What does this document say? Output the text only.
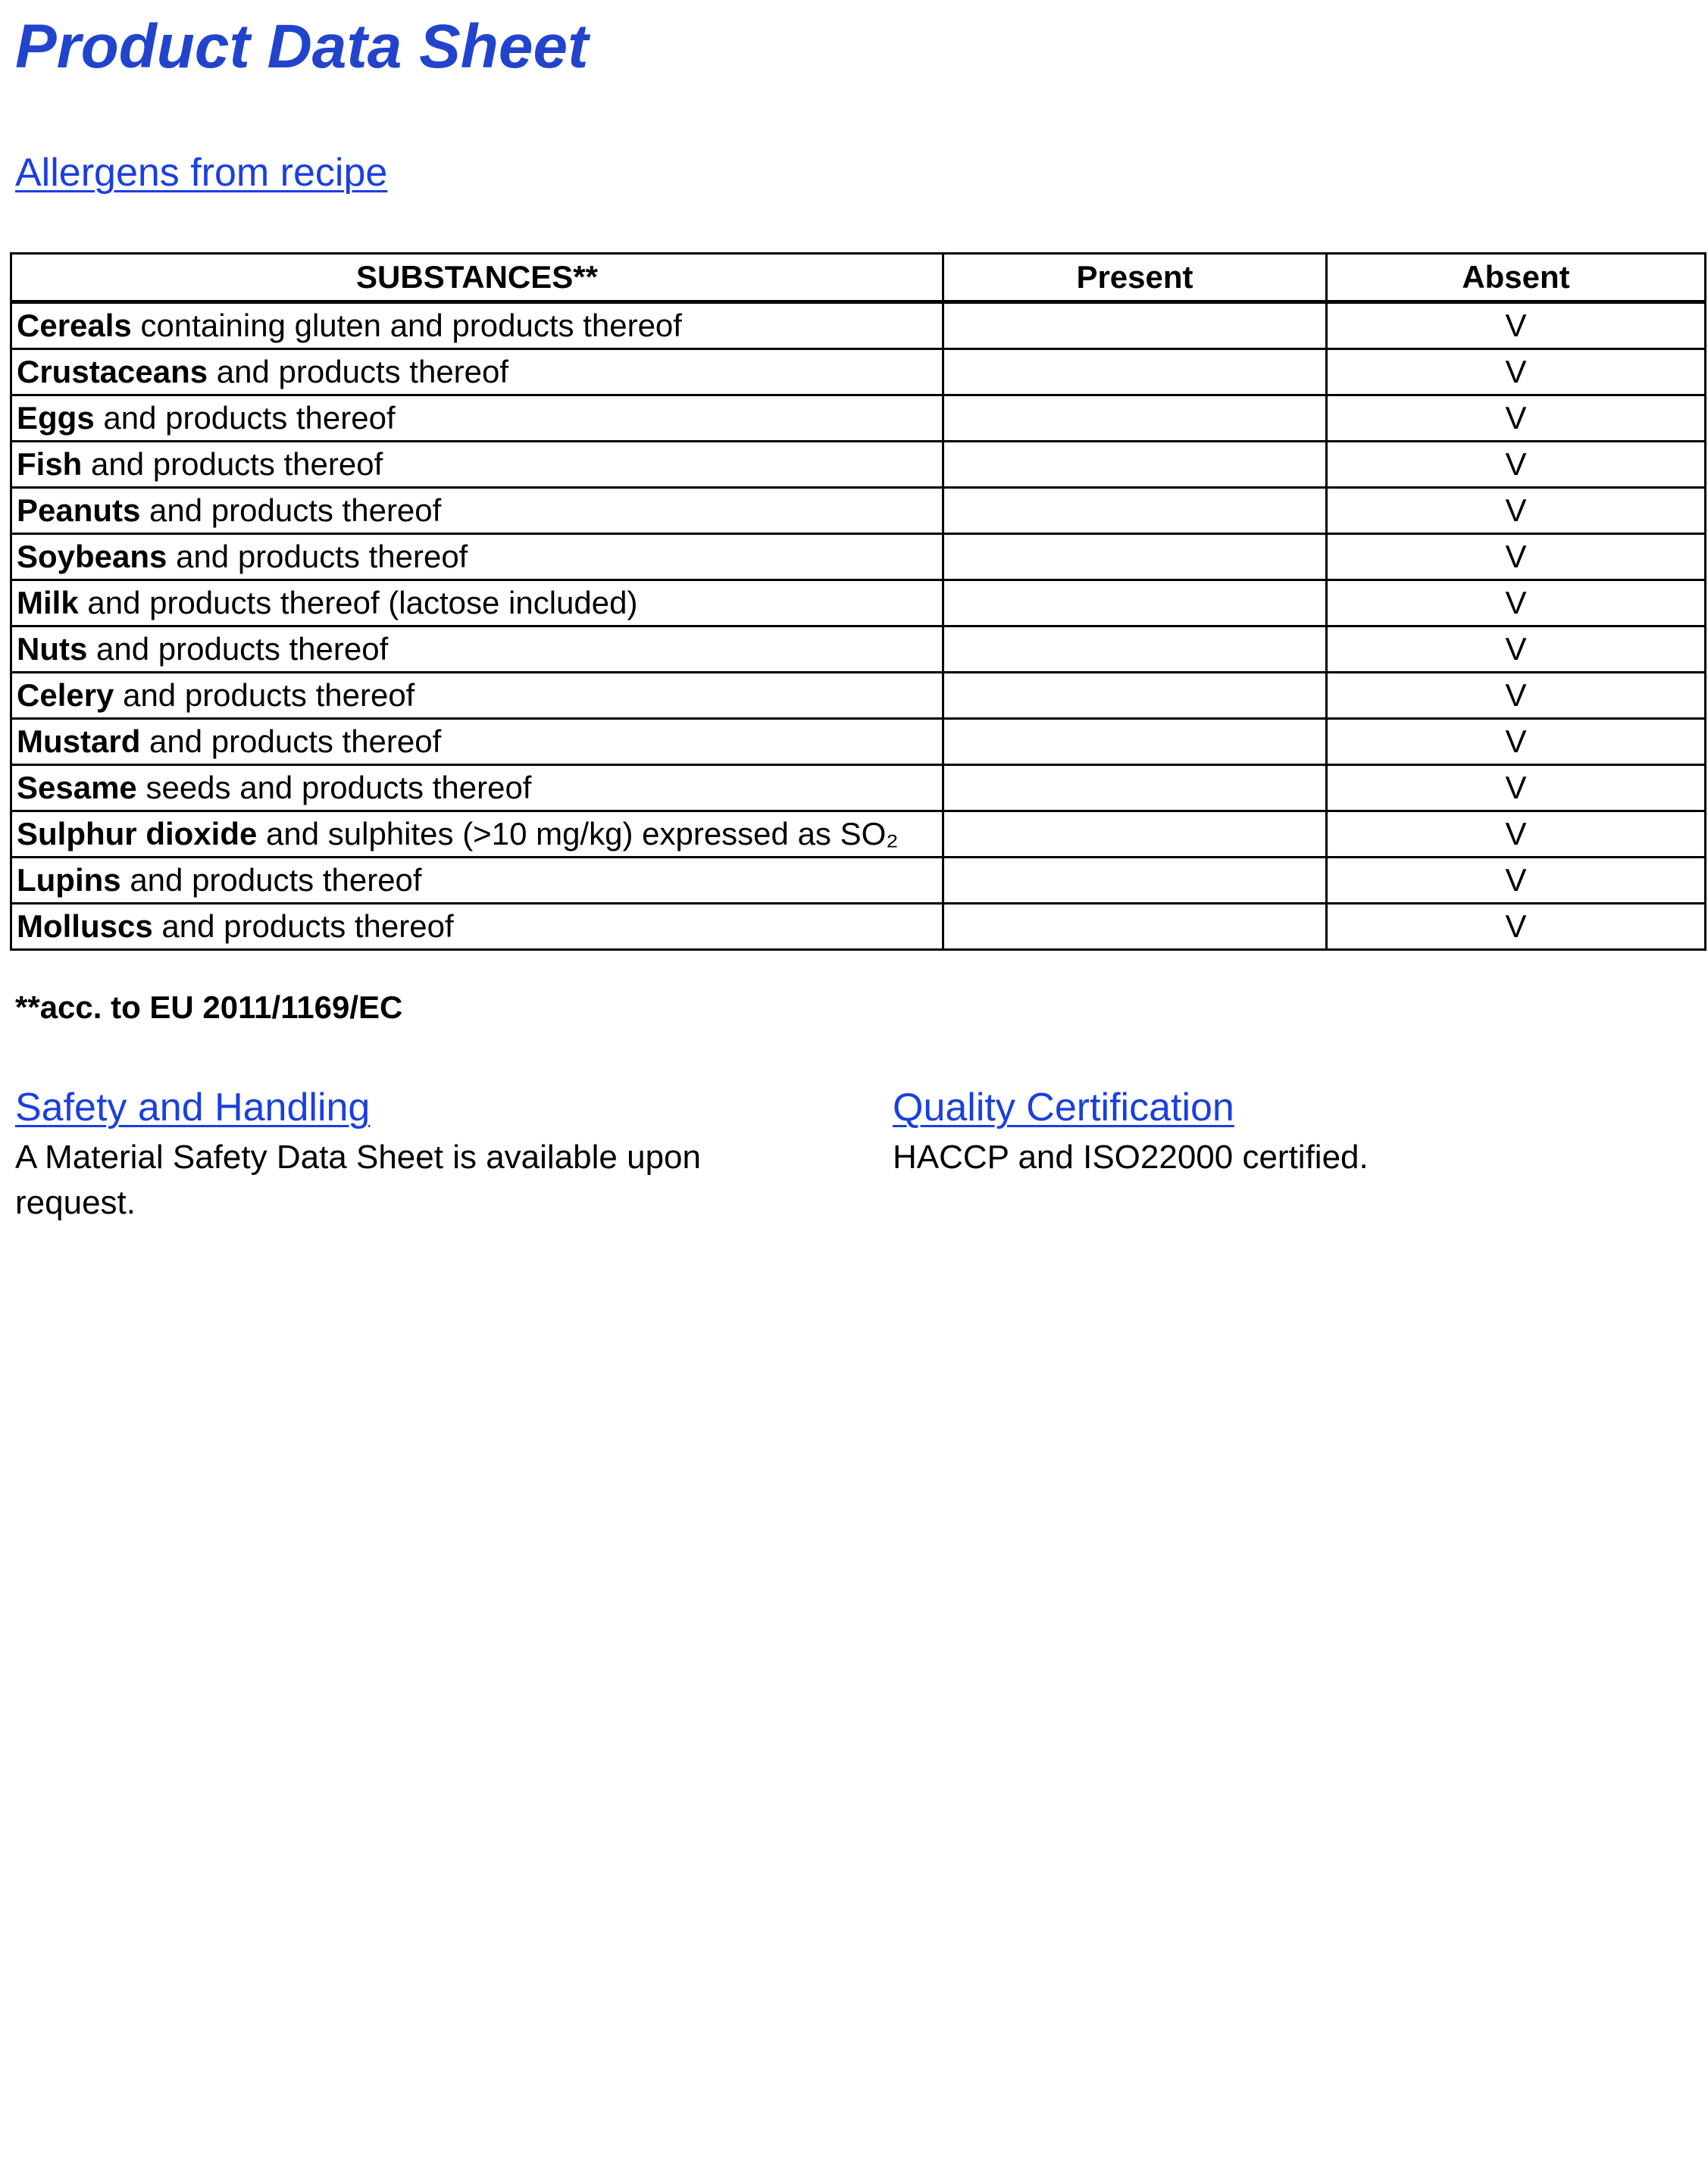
Product Data Sheet
Allergens from recipe
SUBSTANCES**	Present	Absent
Cereals containing gluten and products thereof		V
Crustaceans and products thereof		V
Eggs and products thereof		V
Fish and products thereof		V
Peanuts and products thereof		V
Soybeans and products thereof		V
Milk and products thereof (lactose included)		V
Nuts and products thereof		V
Celery and products thereof		V
Mustard and products thereof		V
Sesame seeds and products thereof		V
Sulphur dioxide and sulphites (>10 mg/kg) expressed as SO₂		V
Lupins and products thereof		V
Molluscs and products thereof		V
**acc. to EU 2011/1169/EC
Safety and Handling
A Material Safety Data Sheet is available upon request.
Quality Certification
HACCP and ISO22000 certified.
